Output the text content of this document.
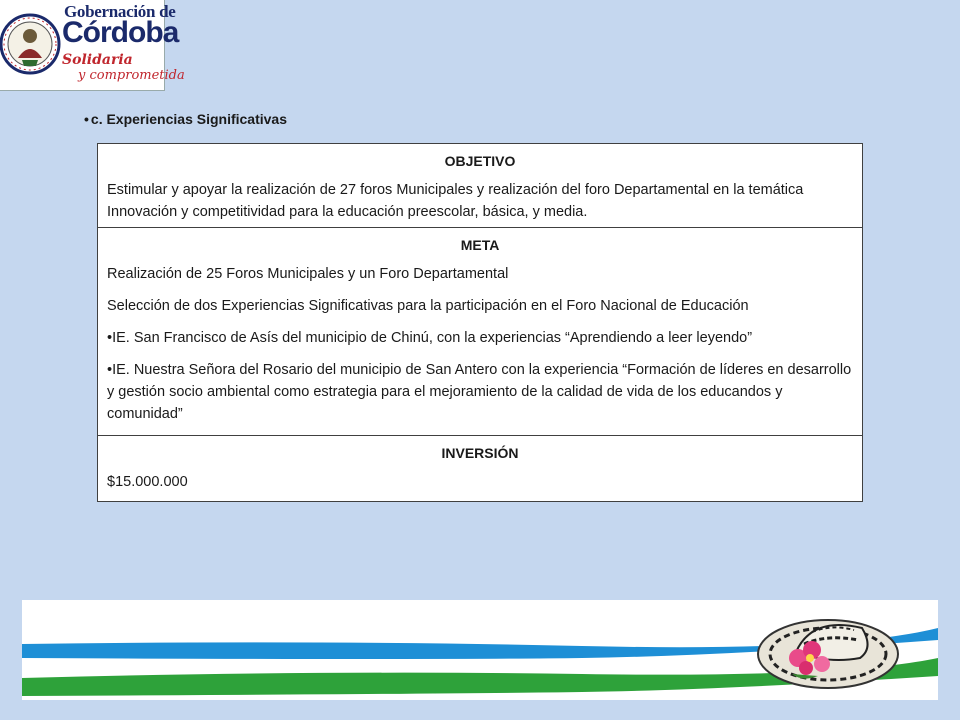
Gobernación de
Córdoba
Solidaria
y comprometida
• c. Experiencias Significativas
OBJETIVO

Estimular y apoyar la realización de 27 foros Municipales y realización del foro Departamental en la temática Innovación y competitividad para la educación preescolar, básica, y media.

META

Realización de 25 Foros Municipales y un Foro Departamental

Selección de dos Experiencias Significativas para la participación en el Foro Nacional de Educación

•IE. San Francisco de Asís del municipio de Chinú, con la experiencias “Aprendiendo a leer leyendo”

•IE. Nuestra Señora del Rosario del municipio de San Antero con la experiencia “Formación de líderes en desarrollo y gestión socio ambiental como estrategia para el mejoramiento de la calidad de vida de los educandos y comunidad”

INVERSIÓN

$15.000.000
